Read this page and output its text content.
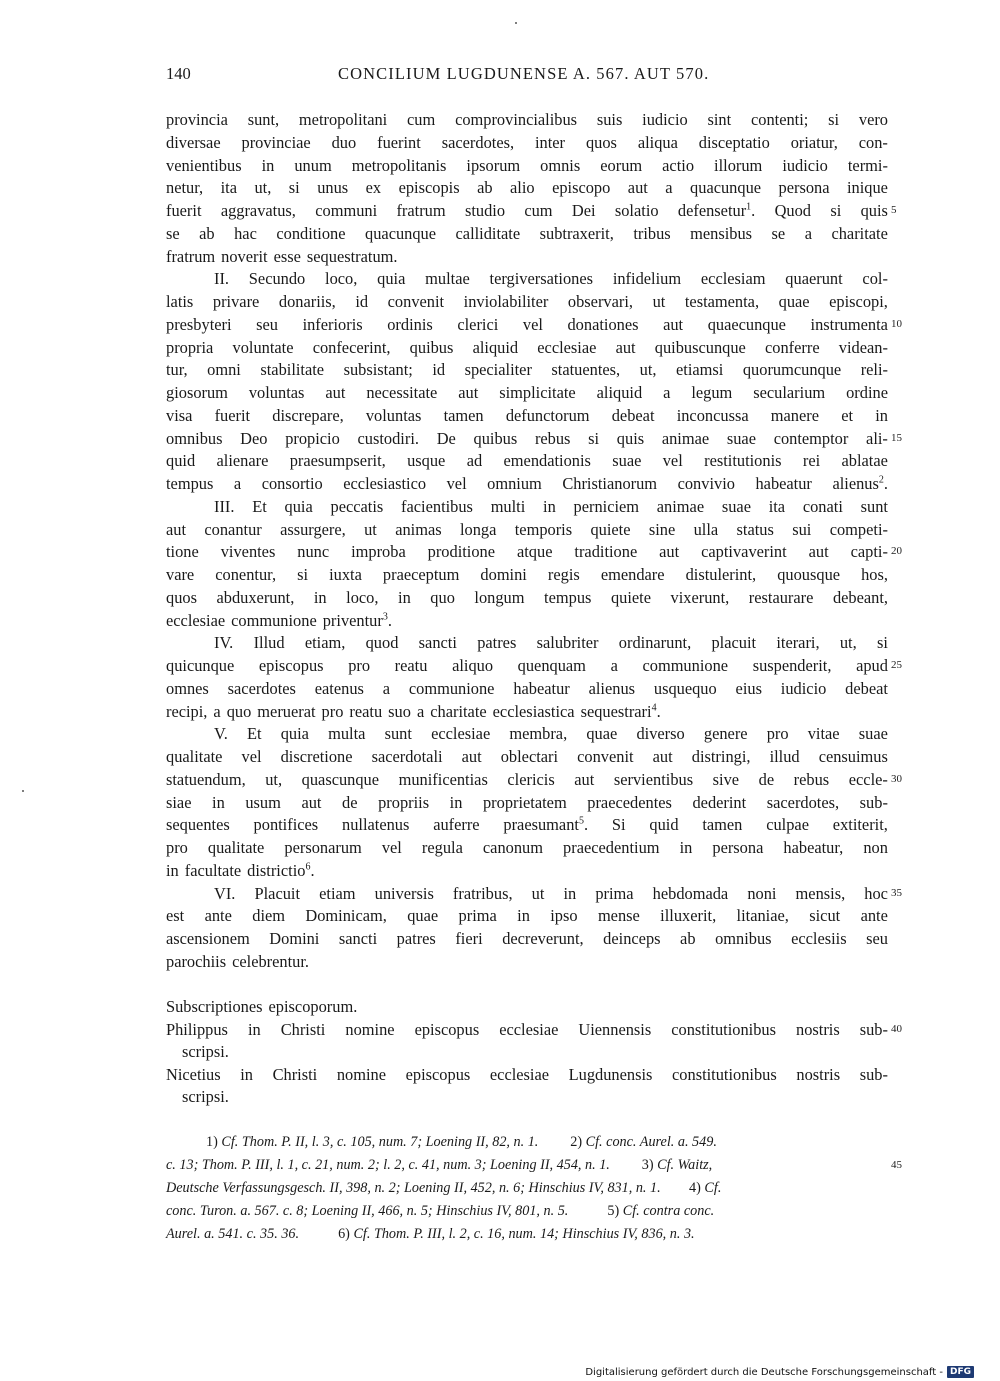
140	CONCILIUM LUGDUNENSE A. 567. AUT 570.
provincia sunt, metropolitani cum comprovincialibus suis iudicio sint contenti; si vero
diversae provinciae duo fuerint sacerdotes, inter quos aliqua disceptatio oriatur, con-
venientibus in unum metropolitanis ipsorum omnis eorum actio illorum iudicio termi-
netur, ita ut, si unus ex episcopis ab alio episcopo aut a quacunque persona inique
fuerit aggravatus, communi fratrum studio cum Dei solatio defensetur$^1$. Quod si quis 5
se ab hac conditione quacunque calliditate subtraxerit, tribus mensibus se a charitate
fratrum noverit esse sequestratum.
II. Secundo loco, quia multae tergiversationes infidelium ecclesiam quaerunt col-
latis privare donariis, id convenit inviolabiliter observari, ut testamenta, quae episcopi,
presbyteri seu inferioris ordinis clerici vel donationes aut quaecunque instrumenta 10
propria voluntate confecerint, quibus aliquid ecclesiae aut quibuscunque conferre videan-
tur, omni stabilitate subsistant; id specialiter statuentes, ut, etiamsi quorumcunque reli-
giosorum voluntas aut necessitate aut simplicitate aliquid a legum secularium ordine
visa fuerit discrepare, voluntas tamen defunctorum debeat inconcussa manere et in
omnibus Deo propicio custodiri. De quibus rebus si quis animae suae contemptor ali- 15
quid alienare praesumpserit, usque ad emendationis suae vel restitutionis rei ablatae
tempus a consortio ecclesiastico vel omnium Christianorum convivio habeatur alienus$^2$.
III. Et quia peccatis facientibus multi in perniciem animae suae ita conati sunt
aut conantur assurgere, ut animas longa temporis quiete sine ulla status sui competi-
tione viventes nunc improba proditione atque traditione aut captivaverint aut capti- 20
vare conentur, si iuxta praeceptum domini regis emendare distulerint, quousque hos,
quos abduxerunt, in loco, in quo longum tempus quiete vixerunt, restaurare debeant,
ecclesiae communione priventur$^3$.
IV. Illud etiam, quod sancti patres salubriter ordinarunt, placuit iterari, ut, si
quicunque episcopus pro reatu aliquo quenquam a communione suspenderit, apud 25
omnes sacerdotes eatenus a communione habeatur alienus usquequo eius iudicio debeat
recipi, a quo meruerat pro reatu suo a charitate ecclesiastica sequestrari$^4$.
V. Et quia multa sunt ecclesiae membra, quae diverso genere pro vitae suae
qualitate vel discretione sacerdotali aut oblectari convenit aut distringi, illud censuimus
statuendum, ut, quascunque munificentias clericis aut servientibus sive de rebus eccle- 30
siae in usum aut de propriis in proprietatem praecedentes dederint sacerdotes, sub-
sequentes pontifices nullatenus auferre praesumant$^5$. Si quid tamen culpae extiterit,
pro qualitate personarum vel regula canonum praecedentium in persona habeatur, non
in facultate districtio$^6$.
VI. Placuit etiam universis fratribus, ut in prima hebdomada noni mensis, hoc 35
est ante diem Dominicam, quae prima in ipso mense illuxerit, litaniae, sicut ante
ascensionem Domini sancti patres fieri decreverunt, deinceps ab omnibus ecclesiis seu
parochiis celebrentur.
Subscriptiones episcoporum.
Philippus in Christi nomine episcopus ecclesiae Uiennensis constitutionibus nostris sub- 40
scripsi.
Nicetius in Christi nomine episcopus ecclesiae Lugdunensis constitutionibus nostris sub-
scripsi.
1) Cf. Thom. P. II, l. 3, c. 105, num. 7; Loening II, 82, n. 1.         2) Cf. conc. Aurel. a. 549.
c. 13; Thom. P. III, l. 1, c. 21, num. 2; l. 2, c. 41, num. 3; Loening II, 454, n. 1.         3) Cf. Waitz,	45
Deutsche Verfassungsgesch. II, 398, n. 2; Loening II, 452, n. 6; Hinschius IV, 831, n. 1.        4) Cf.
conc. Turon. a. 567. c. 8; Loening II, 466, n. 5; Hinschius IV, 801, n. 5.           5) Cf. contra conc.
Aurel. a. 541. c. 35. 36.           6) Cf. Thom. P. III, l. 2, c. 16, num. 14; Hinschius IV, 836, n. 3.
Digitalisierung gefördert durch die Deutsche Forschungsgemeinschaft - DFG
